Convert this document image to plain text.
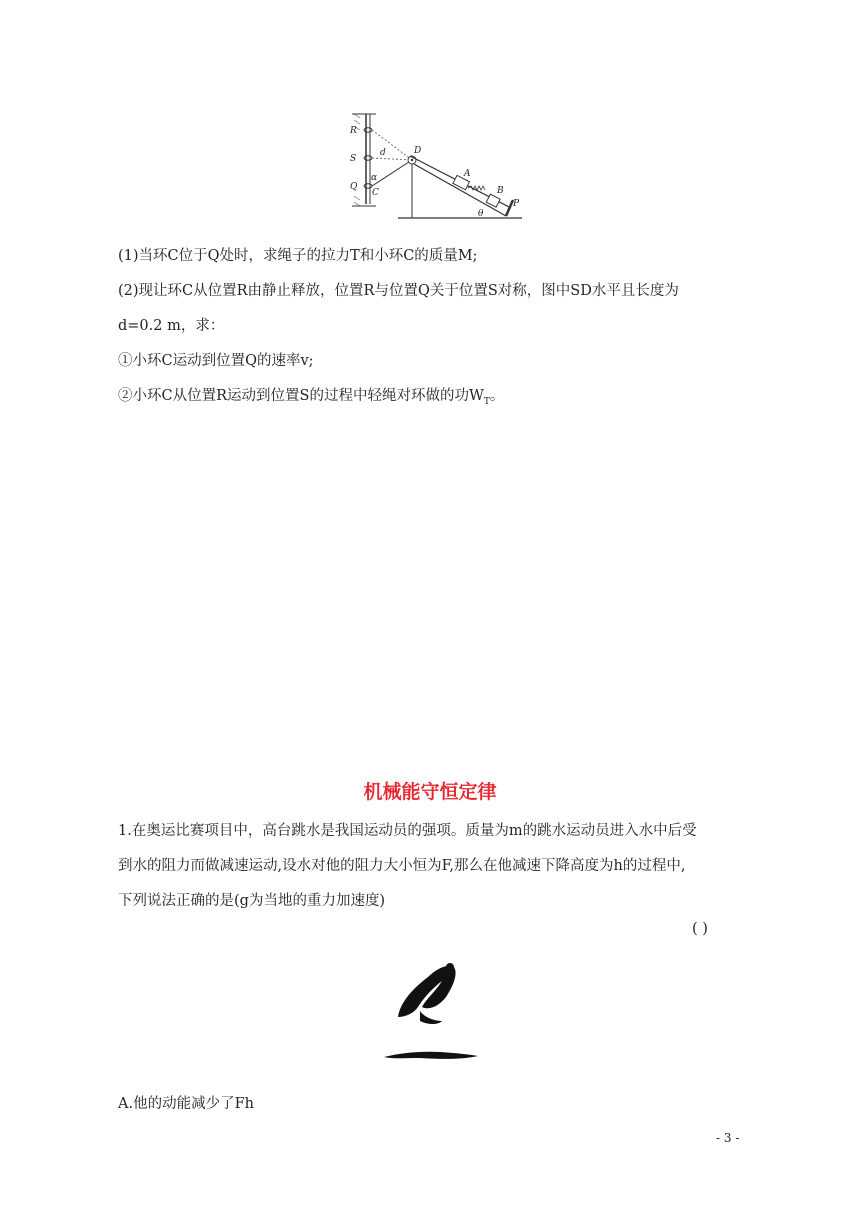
R
S
Q
C
α
d	D
A
B
P
θ
(1)当环C位于Q处时，求绳子的拉力T和小环C的质量M;
(2)现让环C从位置R由静止释放，位置R与位置Q关于位置S对称，图中SD水平且长度为
d=0.2 m，求：
①小环C运动到位置Q的速率v;
②小环C从位置R运动到位置S的过程中轻绳对环做的功$W_T$。
机械能守恒定律
1.在奥运比赛项目中，高台跳水是我国运动员的强项。质量为m的跳水运动员进入水中后受
到水的阻力而做减速运动,设水对他的阻力大小恒为F,那么在他减速下降高度为h的过程中,
下列说法正确的是(g为当地的重力加速度)
( )
A.他的动能减少了Fh
- 3 -
